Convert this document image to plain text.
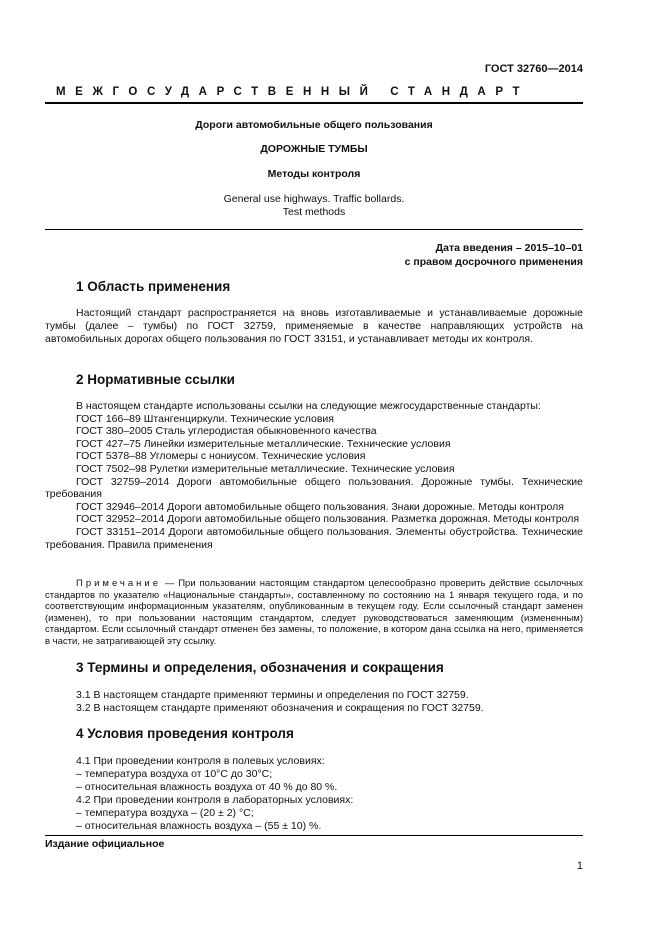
ГОСТ 32760—2014
МЕЖГОСУДАРСТВЕННЫЙ СТАНДАРТ
Дороги автомобильные общего пользования
ДОРОЖНЫЕ ТУМБЫ
Методы контроля
General use highways. Traffic bollards.
Test methods
Дата введения – 2015–10–01
с правом досрочного применения
1 Область применения
Настоящий стандарт распространяется на вновь изготавливаемые и устанавливаемые дорожные тумбы (далее – тумбы) по ГОСТ 32759, применяемые в качестве направляющих устройств на автомобильных дорогах общего пользования по ГОСТ 33151, и устанавливает методы их контроля.
2 Нормативные ссылки
В настоящем стандарте использованы ссылки на следующие межгосударственные стандарты:
ГОСТ 166–89 Штангенциркули. Технические условия
ГОСТ 380–2005 Сталь углеродистая обыкновенного качества
ГОСТ 427–75 Линейки измерительные металлические. Технические условия
ГОСТ 5378–88 Угломеры с нониусом. Технические условия
ГОСТ 7502–98 Рулетки измерительные металлические. Технические условия
ГОСТ 32759–2014 Дороги автомобильные общего пользования. Дорожные тумбы. Технические требования
ГОСТ 32946–2014 Дороги автомобильные общего пользования. Знаки дорожные. Методы контроля
ГОСТ 32952–2014 Дороги автомобильные общего пользования. Разметка дорожная. Методы контроля
ГОСТ 33151–2014 Дороги автомобильные общего пользования. Элементы обустройства. Технические требования. Правила применения
Примечание — При пользовании настоящим стандартом целесообразно проверить действие ссылочных стандартов по указателю «Национальные стандарты», составленному по состоянию на 1 января текущего года, и по соответствующим информационным указателям, опубликованным в текущем году. Если ссылочный стандарт заменен (изменен), то при пользовании настоящим стандартом, следует руководствоваться заменяющим (измененным) стандартом. Если ссылочный стандарт отменен без замены, то положение, в котором дана ссылка на него, применяется в части, не затрагивающей эту ссылку.
3 Термины и определения, обозначения и сокращения
3.1 В настоящем стандарте применяют термины и определения по ГОСТ 32759.
3.2 В настоящем стандарте применяют обозначения и сокращения по ГОСТ 32759.
4 Условия проведения контроля
4.1 При проведении контроля в полевых условиях:
– температура воздуха от 10°С до 30°С;
– относительная влажность воздуха от 40 % до 80 %.
4.2 При проведении контроля в лабораторных условиях:
– температура воздуха – (20 ± 2) °С;
– относительная влажность воздуха – (55 ± 10) %.
Издание официальное
1
